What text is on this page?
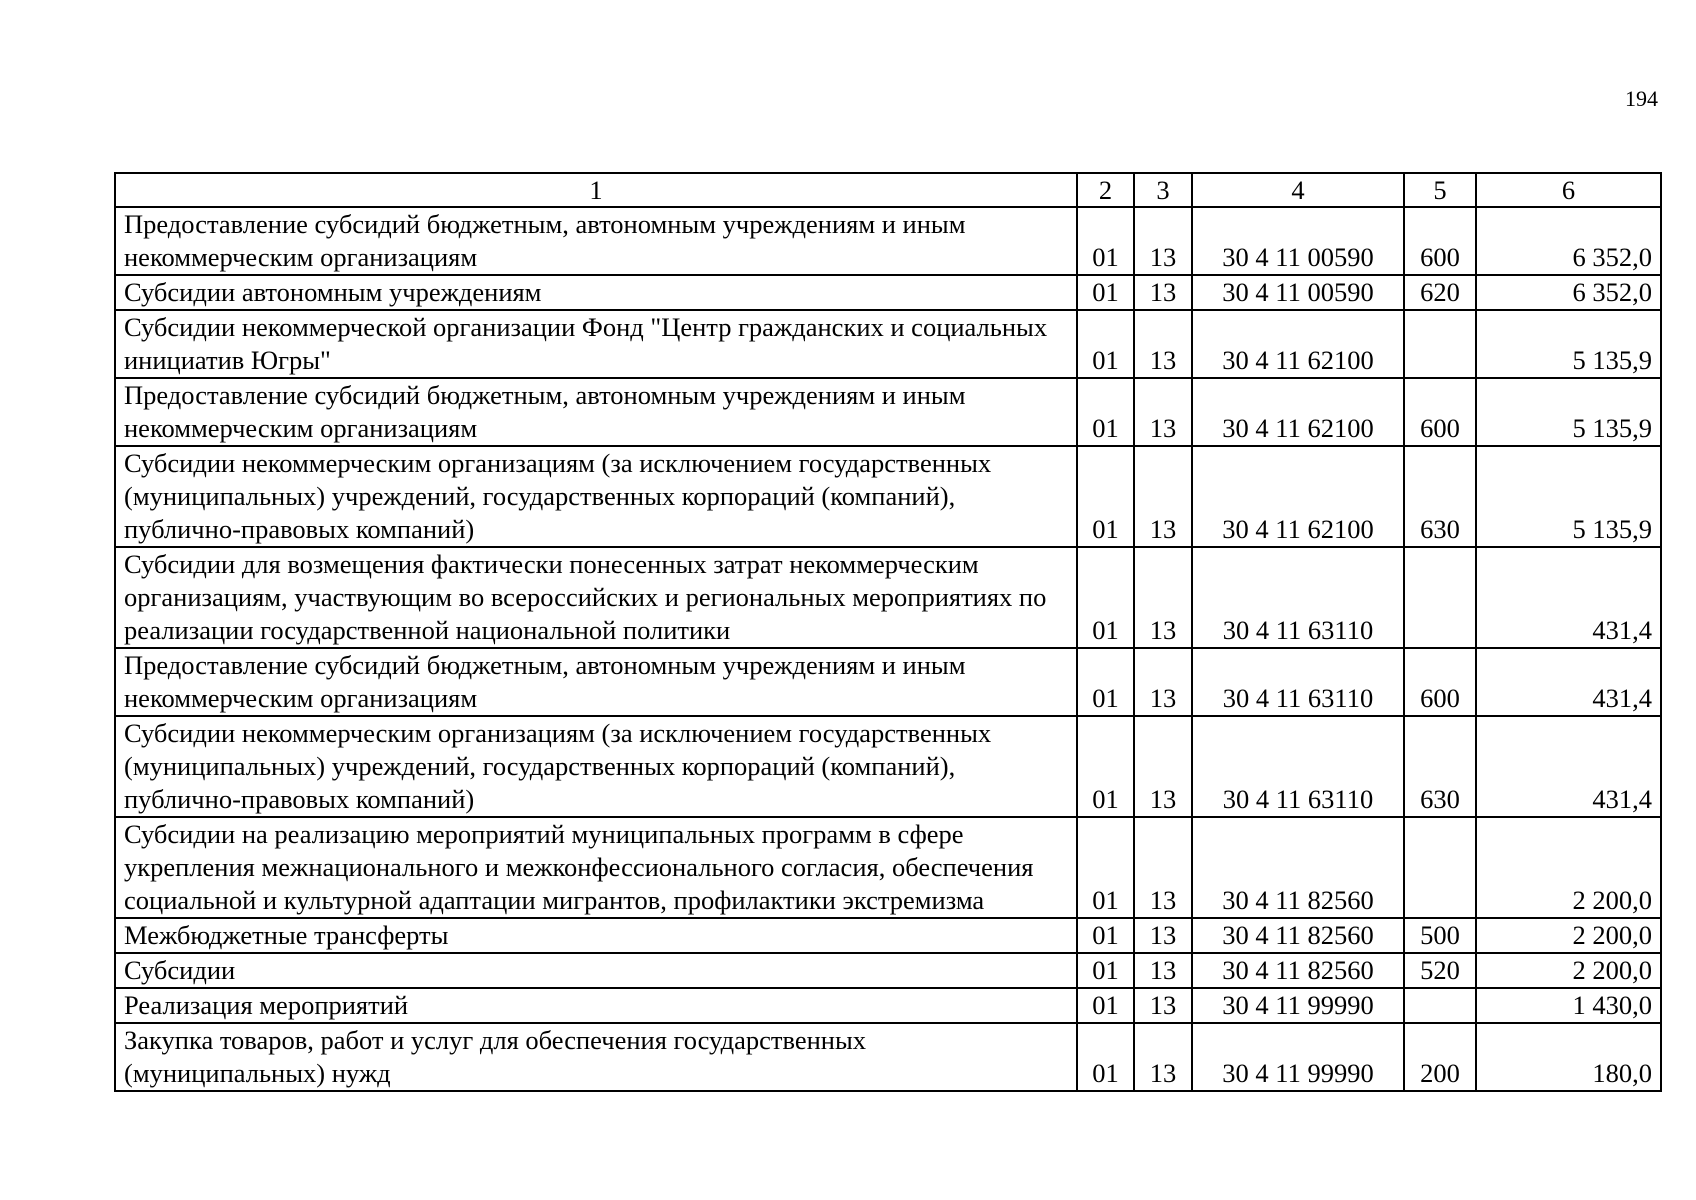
194
1	2	3	4	5	6
Предоставление субсидий бюджетным, автономным учреждениям и иным некоммерческим организациям	01	13	30 4 11 00590	600	6 352,0
Субсидии автономным учреждениям	01	13	30 4 11 00590	620	6 352,0
Субсидии некоммерческой организации Фонд "Центр гражданских и социальных инициатив Югры"	01	13	30 4 11 62100		5 135,9
Предоставление субсидий бюджетным, автономным учреждениям и иным некоммерческим организациям	01	13	30 4 11 62100	600	5 135,9
Субсидии некоммерческим организациям (за исключением государственных (муниципальных) учреждений, государственных корпораций (компаний), публично-правовых компаний)	01	13	30 4 11 62100	630	5 135,9
Субсидии для возмещения фактически понесенных затрат некоммерческим организациям, участвующим во всероссийских и региональных мероприятиях по реализации государственной национальной политики	01	13	30 4 11 63110		431,4
Предоставление субсидий бюджетным, автономным учреждениям и иным некоммерческим организациям	01	13	30 4 11 63110	600	431,4
Субсидии некоммерческим организациям (за исключением государственных (муниципальных) учреждений, государственных корпораций (компаний), публично-правовых компаний)	01	13	30 4 11 63110	630	431,4
Субсидии на реализацию мероприятий муниципальных программ в сфере укрепления межнационального и межконфессионального согласия, обеспечения социальной и культурной адаптации мигрантов, профилактики экстремизма	01	13	30 4 11 82560		2 200,0
Межбюджетные трансферты	01	13	30 4 11 82560	500	2 200,0
Субсидии	01	13	30 4 11 82560	520	2 200,0
Реализация мероприятий	01	13	30 4 11 99990		1 430,0
Закупка товаров, работ и услуг для обеспечения государственных (муниципальных) нужд	01	13	30 4 11 99990	200	180,0
